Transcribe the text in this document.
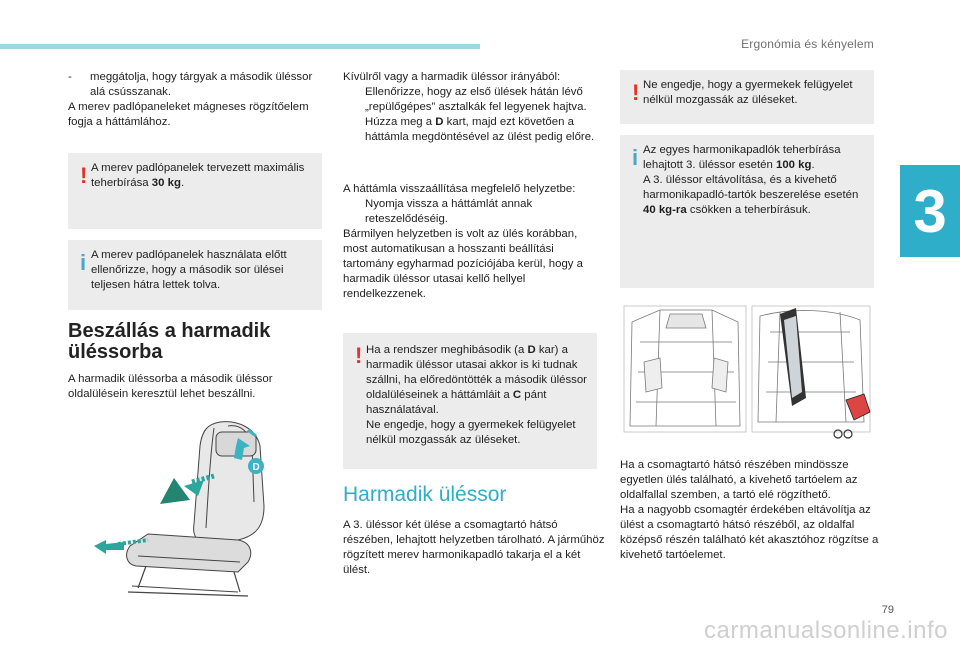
Ergonómia és kényelem
3
-	meggátolja, hogy tárgyak a második üléssor alá csússzanak.
A merev padlópaneleket mágneses rögzítőelem fogja a háttámlához.
! A merev padlópanelek tervezett maximális teherbírása 30 kg.
i A merev padlópanelek használata előtt ellenőrizze, hogy a második sor ülései teljesen hátra lettek tolva.
Beszállás a harmadik üléssorba
A harmadik üléssorba a második üléssor oldalülésein keresztül lehet beszállni.
D
Kívülről vagy a harmadik üléssor irányából:
Ellenőrizze, hogy az első ülések hátán lévő „repülőgépes” asztalkák fel legyenek hajtva.
Húzza meg a D kart, majd ezt követően a háttámla megdöntésével az ülést pedig előre.
A háttámla visszaállítása megfelelő helyzetbe:
Nyomja vissza a háttámlát annak reteszelődéséig.
Bármilyen helyzetben is volt az ülés korábban, most automatikusan a hosszanti beállítási tartomány egyharmad pozíciójába kerül, hogy a harmadik üléssor utasai kellő hellyel rendelkezzenek.
! Ha a rendszer meghibásodik (a D kar) a harmadik üléssor utasai akkor is ki tudnak szállni, ha előredöntötték a második üléssor oldalüléseinek a háttámláit a C pánt használatával.
Ne engedje, hogy a gyermekek felügyelet nélkül mozgassák az üléseket.
Harmadik üléssor
A 3. üléssor két ülése a csomagtartó hátsó részében, lehajtott helyzetben tárolható. A járműhöz rögzített merev harmonikapadló takarja el a két ülést.
! Ne engedje, hogy a gyermekek felügyelet nélkül mozgassák az üléseket.
i Az egyes harmonikapadlók teherbírása lehajtott 3. üléssor esetén 100 kg.
A 3. üléssor eltávolítása, és a kivehető harmonikapadló-tartók beszerelése esetén 40 kg-ra csökken a teherbírásuk.
Ha a csomagtartó hátsó részében mindössze egyetlen ülés található, a kivehető tartóelem az oldalfallal szemben, a tartó elé rögzíthető.
Ha a nagyobb csomagtér érdekében eltávolítja az ülést a csomagtartó hátsó részéből, az oldalfal középső részén található két akasztóhoz rögzítse a kivehető tartóelemet.
79
carmanualsonline.info
